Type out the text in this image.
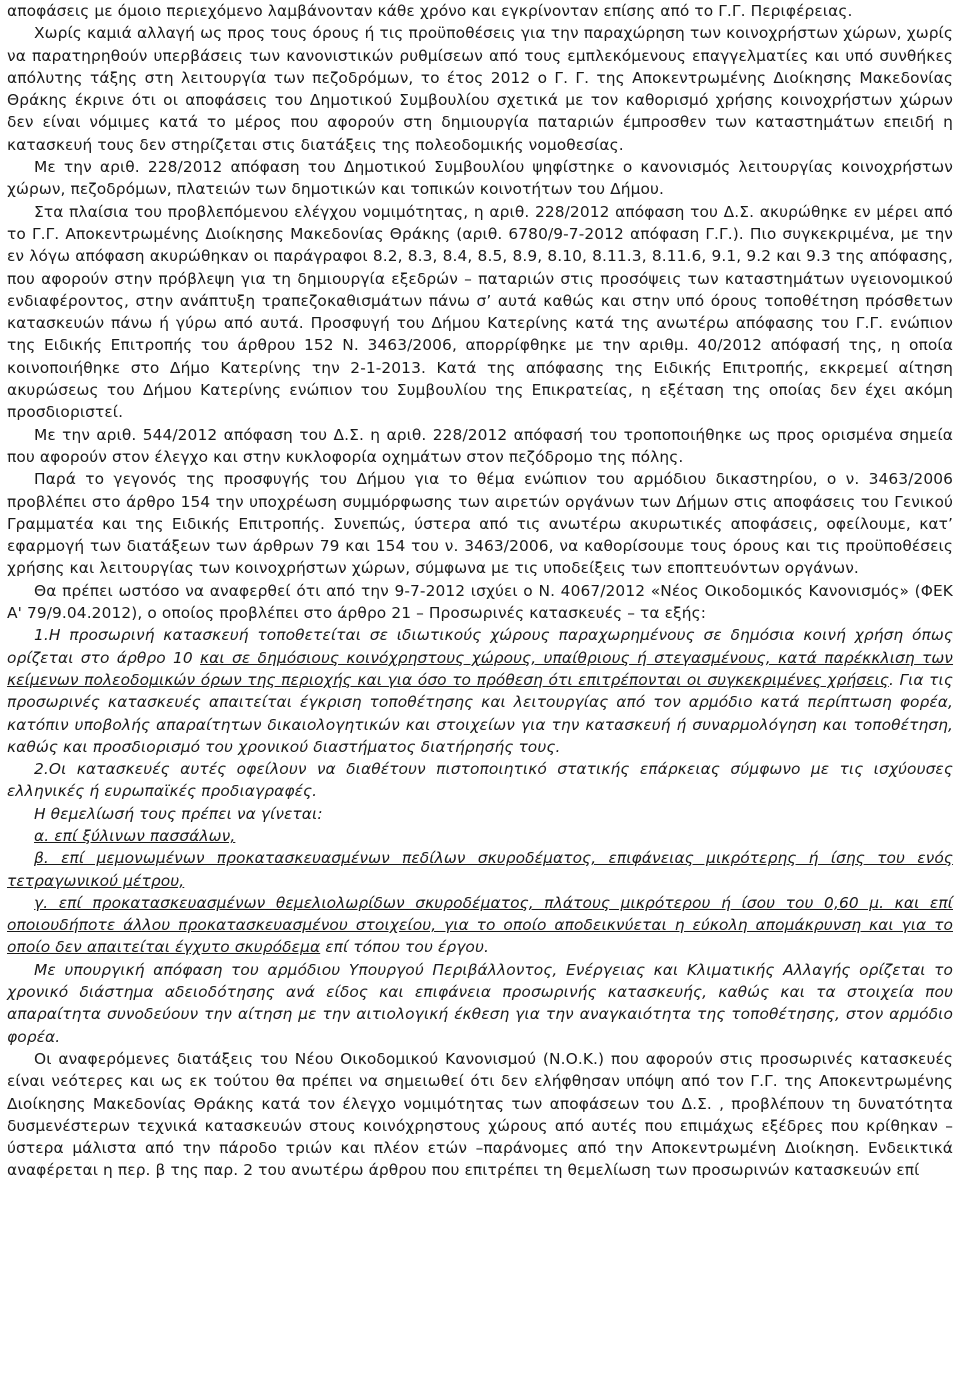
αποφάσεις με όμοιο περιεχόμενο λαμβάνονταν κάθε χρόνο και εγκρίνονταν επίσης από το Γ.Γ. Περιφέρειας.

Χωρίς καμιά αλλαγή ως προς τους όρους ή τις προϋποθέσεις για την παραχώρηση των κοινοχρήστων χώρων, χωρίς να παρατηρηθούν υπερβάσεις των κανονιστικών ρυθμίσεων από τους εμπλεκόμενους επαγγελματίες και υπό συνθήκες απόλυτης τάξης στη λειτουργία των πεζοδρόμων, το έτος 2012 ο Γ. Γ. της Αποκεντρωμένης Διοίκησης Μακεδονίας Θράκης έκρινε ότι οι αποφάσεις του Δημοτικού Συμβουλίου σχετικά με τον καθορισμό χρήσης κοινοχρήστων χώρων δεν είναι νόμιμες κατά το μέρος που αφορούν στη δημιουργία παταριών έμπροσθεν των καταστημάτων επειδή η κατασκευή τους δεν στηρίζεται στις διατάξεις της πολεοδομικής νομοθεσίας.

Με την αριθ. 228/2012 απόφαση του Δημοτικού Συμβουλίου ψηφίστηκε ο κανονισμός λειτουργίας κοινοχρήστων χώρων, πεζοδρόμων, πλατειών των δημοτικών και τοπικών κοινοτήτων του Δήμου.

Στα πλαίσια του προβλεπόμενου ελέγχου νομιμότητας, η αριθ. 228/2012 απόφαση του Δ.Σ. ακυρώθηκε εν μέρει από το Γ.Γ. Αποκεντρωμένης Διοίκησης Μακεδονίας Θράκης (αριθ. 6780/9-7-2012 απόφαση Γ.Γ.). Πιο συγκεκριμένα, με την εν λόγω απόφαση ακυρώθηκαν οι παράγραφοι 8.2, 8.3, 8.4, 8.5, 8.9, 8.10, 8.11.3, 8.11.6, 9.1, 9.2 και 9.3 της απόφασης, που αφορούν στην πρόβλεψη για τη δημιουργία εξεδρών – παταριών στις προσόψεις των καταστημάτων υγειονομικού ενδιαφέροντος, στην ανάπτυξη τραπεζοκαθισμάτων πάνω σ’ αυτά καθώς και στην υπό όρους τοποθέτηση πρόσθετων κατασκευών πάνω ή γύρω από αυτά. Προσφυγή του Δήμου Κατερίνης κατά της ανωτέρω απόφασης του Γ.Γ. ενώπιον της Ειδικής Επιτροπής του άρθρου 152 Ν. 3463/2006, απορρίφθηκε με την αριθμ. 40/2012 απόφασή της, η οποία κοινοποιήθηκε στο Δήμο Κατερίνης την 2-1-2013. Κατά της απόφασης της Ειδικής Επιτροπής, εκκρεμεί αίτηση ακυρώσεως του Δήμου Κατερίνης ενώπιον του Συμβουλίου της Επικρατείας, η εξέταση της οποίας δεν έχει ακόμη προσδιοριστεί.

Με την αριθ. 544/2012 απόφαση του Δ.Σ. η αριθ. 228/2012 απόφασή του τροποποιήθηκε ως προς ορισμένα σημεία που αφορούν στον έλεγχο και στην κυκλοφορία οχημάτων στον πεζόδρομο της πόλης.

Παρά το γεγονός της προσφυγής του Δήμου για το θέμα ενώπιον του αρμόδιου δικαστηρίου, ο ν. 3463/2006 προβλέπει στο άρθρο 154 την υποχρέωση συμμόρφωσης των αιρετών οργάνων των Δήμων στις αποφάσεις του Γενικού Γραμματέα και της Ειδικής Επιτροπής. Συνεπώς, ύστερα από τις ανωτέρω ακυρωτικές αποφάσεις, οφείλουμε, κατ’ εφαρμογή των διατάξεων των άρθρων 79 και 154 του ν. 3463/2006, να καθορίσουμε τους όρους και τις προϋποθέσεις χρήσης και λειτουργίας των κοινοχρήστων χώρων, σύμφωνα με τις υποδείξεις των εποπτευόντων οργάνων.

Θα πρέπει ωστόσο να αναφερθεί ότι από την 9-7-2012 ισχύει ο Ν. 4067/2012 «Νέος Οικοδομικός Κανονισμός» (ΦΕΚ Α' 79/9.04.2012), ο οποίος προβλέπει στο άρθρο 21 – Προσωρινές κατασκευές – τα εξής:

1.Η προσωρινή κατασκευή τοποθετείται σε ιδιωτικούς χώρους παραχωρημένους σε δημόσια κοινή χρήση όπως ορίζεται στο άρθρο 10 και σε δημόσιους κοινόχρηστους χώρους, υπαίθριους ή στεγασμένους, κατά παρέκκλιση των κείμενων πολεοδομικών όρων της περιοχής και για όσο το πρόθεση ότι επιτρέπονται οι συγκεκριμένες χρήσεις. Για τις προσωρινές κατασκευές απαιτείται έγκριση τοποθέτησης και λειτουργίας από τον αρμόδιο κατά περίπτωση φορέα, κατόπιν υποβολής απαραίτητων δικαιολογητικών και στοιχείων για την κατασκευή ή συναρμολόγηση και τοποθέτηση, καθώς και προσδιορισμό του χρονικού διαστήματος διατήρησής τους.

2.Οι κατασκευές αυτές οφείλουν να διαθέτουν πιστοποιητικό στατικής επάρκειας σύμφωνο με τις ισχύουσες ελληνικές ή ευρωπαϊκές προδιαγραφές.

Η θεμελίωσή τους πρέπει να γίνεται:

α. επί ξύλινων πασσάλων,

β. επί μεμονωμένων προκατασκευασμένων πεδίλων σκυροδέματος, επιφάνειας μικρότερης ή ίσης του ενός τετραγωνικού μέτρου,

γ. επί προκατασκευασμένων θεμελιολωρίδων σκυροδέματος, πλάτους μικρότερου ή ίσου του 0,60 μ. και επί οποιουδήποτε άλλου προκατασκευασμένου στοιχείου, για το οποίο αποδεικνύεται η εύκολη απομάκρυνση και για το οποίο δεν απαιτείται έγχυτο σκυρόδεμα επί τόπου του έργου.

Με υπουργική απόφαση του αρμόδιου Υπουργού Περιβάλλοντος, Ενέργειας και Κλιματικής Αλλαγής ορίζεται το χρονικό διάστημα αδειοδότησης ανά είδος και επιφάνεια προσωρινής κατασκευής, καθώς και τα στοιχεία που απαραίτητα συνοδεύουν την αίτηση με την αιτιολογική έκθεση για την αναγκαιότητα της τοποθέτησης, στον αρμόδιο φορέα.

Οι αναφερόμενες διατάξεις του Νέου Οικοδομικού Κανονισμού (Ν.Ο.Κ.) που αφορούν στις προσωρινές κατασκευές είναι νεότερες και ως εκ τούτου θα πρέπει να σημειωθεί ότι δεν ελήφθησαν υπόψη από τον Γ.Γ. της Αποκεντρωμένης Διοίκησης Μακεδονίας Θράκης κατά τον έλεγχο νομιμότητας των αποφάσεων του Δ.Σ. , προβλέπουν τη δυνατότητα δυσμενέστερων τεχνικά κατασκευών στους κοινόχρηστους χώρους από αυτές που επιμάχως εξέδρες που κρίθηκαν – ύστερα μάλιστα από την πάροδο τριών και πλέον ετών –παράνομες από την Αποκεντρωμένη Διοίκηση. Ενδεικτικά αναφέρεται η περ. β της παρ. 2 του ανωτέρω άρθρου που επιτρέπει τη θεμελίωση των προσωρινών κατασκευών επί
